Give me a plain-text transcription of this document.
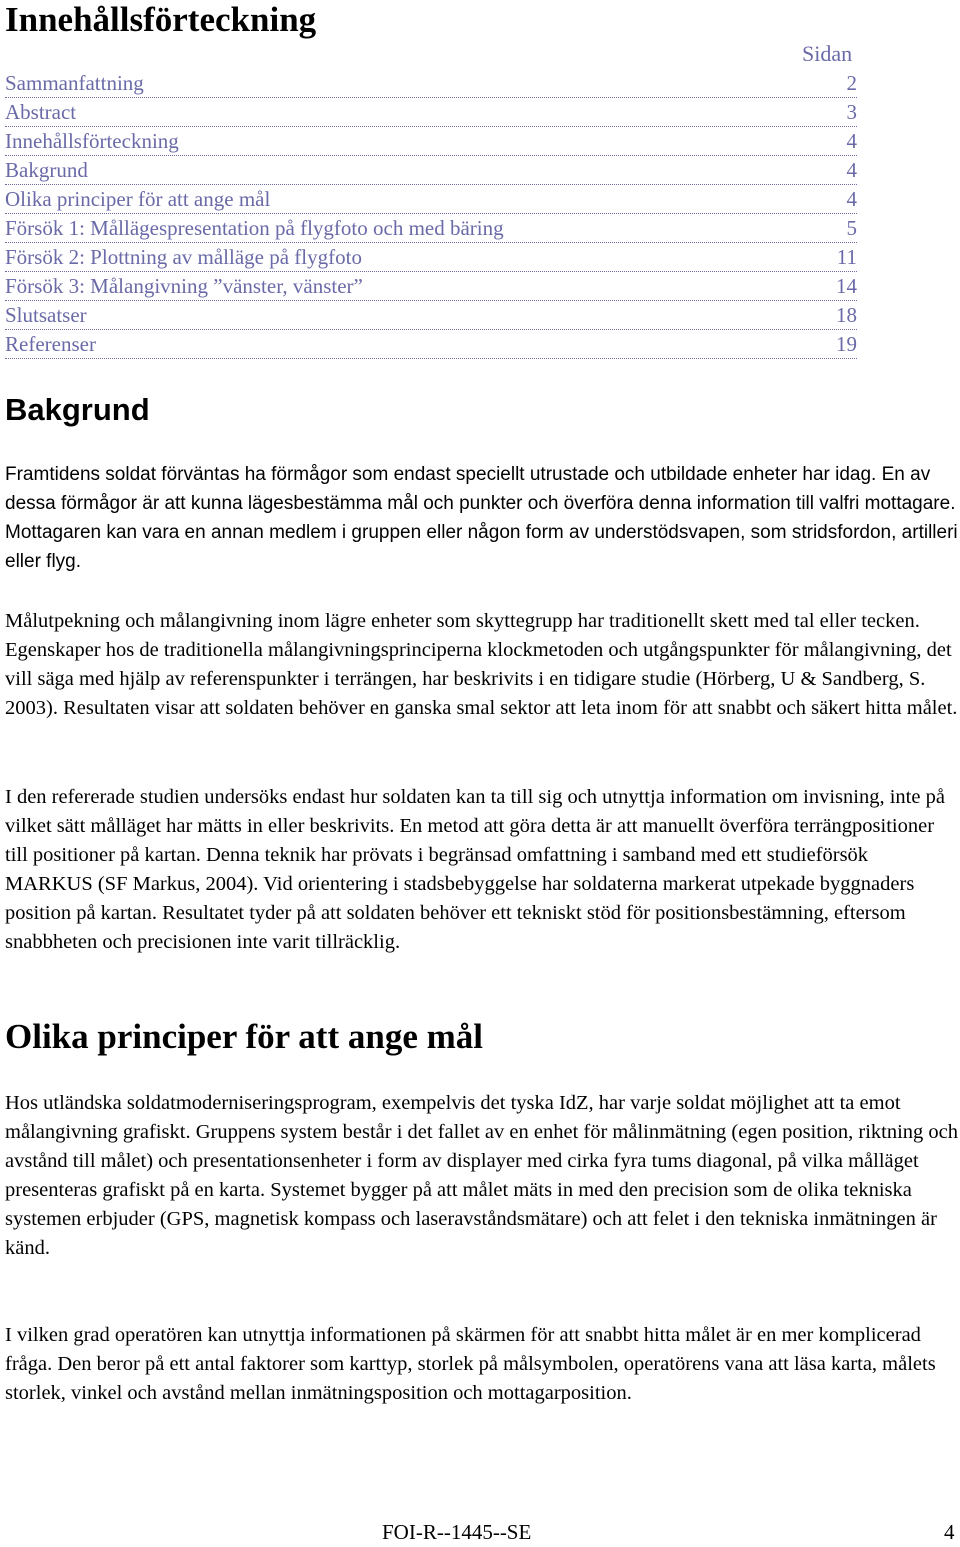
Innehållsförteckning
Sidan
Sammanfattning	2
Abstract	3
Innehållsförteckning	4
Bakgrund	4
Olika principer för att ange mål	4
Försök 1: Mållägespresentation på flygfoto och med bäring	5
Försök 2: Plottning av målläge på flygfoto	11
Försök 3: Målangivning ”vänster, vänster”	14
Slutsatser	18
Referenser	19
Bakgrund

Framtidens soldat förväntas ha förmågor som endast speciellt utrustade och utbildade enheter har idag. En av dessa förmågor är att kunna lägesbestämma mål och punkter och överföra denna information till valfri mottagare. Mottagaren kan vara en annan medlem i gruppen eller någon form av understödsvapen, som stridsfordon, artilleri eller flyg.

Målutpekning och målangivning inom lägre enheter som skyttegrupp har traditionellt skett med tal eller tecken. Egenskaper hos de traditionella målangivningsprinciperna klockmetoden och utgångspunkter för målangivning, det vill säga med hjälp av referenspunkter i terrängen, har beskrivits i en tidigare studie (Hörberg, U & Sandberg, S. 2003). Resultaten visar att soldaten behöver en ganska smal sektor att leta inom för att snabbt och säkert hitta målet.

I den refererade studien undersöks endast hur soldaten kan ta till sig och utnyttja information om invisning, inte på vilket sätt målläget har mätts in eller beskrivits. En metod att göra detta är att manuellt överföra terrängpositioner till positioner på kartan. Denna teknik har prövats i begränsad omfattning i samband med ett studieförsök MARKUS (SF Markus, 2004). Vid orientering i stadsbebyggelse har soldaterna markerat utpekade byggnaders position på kartan. Resultatet tyder på att soldaten behöver ett tekniskt stöd för positionsbestämning, eftersom snabbheten och precisionen inte varit tillräcklig.

Olika principer för att ange mål

Hos utländska soldatmoderniseringsprogram, exempelvis det tyska IdZ, har varje soldat möjlighet att ta emot målangivning grafiskt. Gruppens system består i det fallet av en enhet för målinmätning (egen position, riktning och avstånd till målet) och presentationsenheter i form av displayer med cirka fyra tums diagonal, på vilka målläget presenteras grafiskt på en karta. Systemet bygger på att målet mäts in med den precision som de olika tekniska systemen erbjuder (GPS, magnetisk kompass och laseravståndsmätare) och att felet i den tekniska inmätningen är känd.

I vilken grad operatören kan utnyttja informationen på skärmen för att snabbt hitta målet är en mer komplicerad fråga. Den beror på ett antal faktorer som karttyp, storlek på målsymbolen, operatörens vana att läsa karta, målets storlek, vinkel och avstånd mellan inmätningsposition och mottagarposition.

FOI-R--1445--SE	4
